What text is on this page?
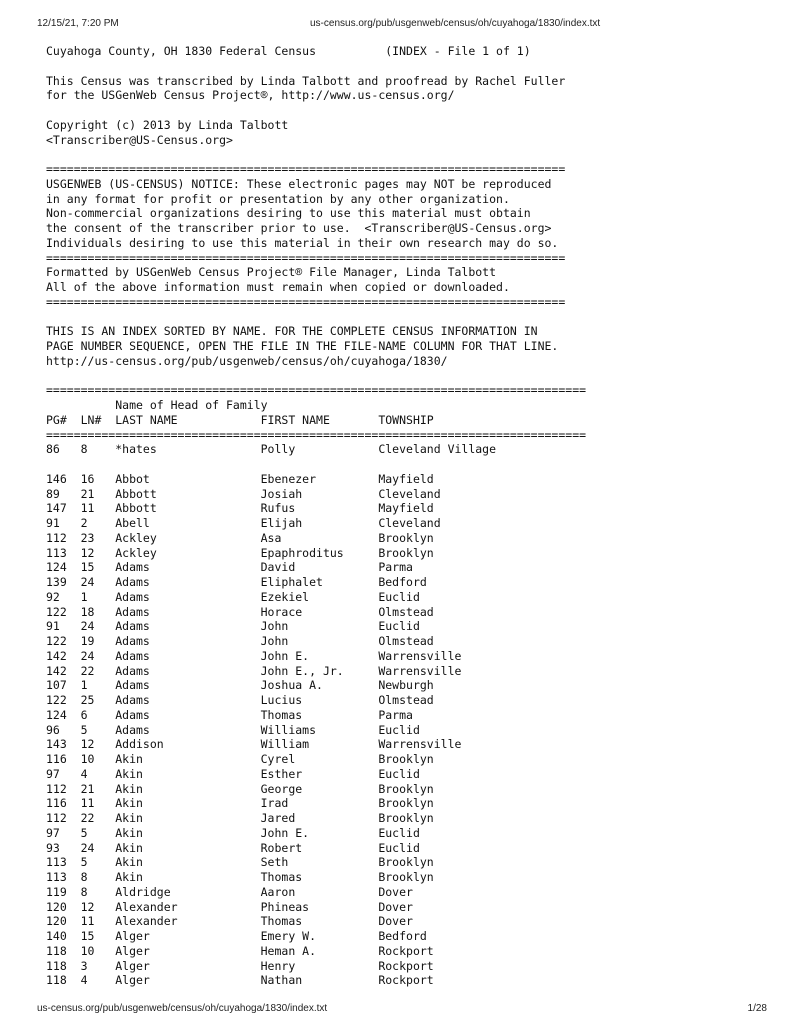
12/15/21, 7:20 PM	us-census.org/pub/usgenweb/census/oh/cuyahoga/1830/index.txt
Cuyahoga County, OH 1830 Federal Census          (INDEX - File 1 of 1)
This Census was transcribed by Linda Talbott and proofread by Rachel Fuller
for the USGenWeb Census Project®, http://www.us-census.org/
Copyright (c) 2013 by Linda Talbott
<Transcriber@US-Census.org>
===========================================================================
USGENWEB (US-CENSUS) NOTICE: These electronic pages may NOT be reproduced
in any format for profit or presentation by any other organization.
Non-commercial organizations desiring to use this material must obtain
the consent of the transcriber prior to use.  <Transcriber@US-Census.org>
Individuals desiring to use this material in their own research may do so.
===========================================================================
Formatted by USGenWeb Census Project® File Manager, Linda Talbott
All of the above information must remain when copied or downloaded.
===========================================================================
THIS IS AN INDEX SORTED BY NAME. FOR THE COMPLETE CENSUS INFORMATION IN
PAGE NUMBER SEQUENCE, OPEN THE FILE IN THE FILE-NAME COLUMN FOR THAT LINE.
http://us-census.org/pub/usgenweb/census/oh/cuyahoga/1830/
==============================================================================
Name of Head of Family
PG#  LN#  LAST NAME            FIRST NAME       TOWNSHIP
==============================================================================
86   8    *hates               Polly            Cleveland Village
146  16   Abbot                Ebenezer         Mayfield
89   21   Abbott               Josiah           Cleveland
147  11   Abbott               Rufus            Mayfield
91   2    Abell                Elijah           Cleveland
112  23   Ackley               Asa              Brooklyn
113  12   Ackley               Epaphroditus     Brooklyn
124  15   Adams                David            Parma
139  24   Adams                Eliphalet        Bedford
92   1    Adams                Ezekiel          Euclid
122  18   Adams                Horace           Olmstead
91   24   Adams                John             Euclid
122  19   Adams                John             Olmstead
142  24   Adams                John E.          Warrensville
142  22   Adams                John E., Jr.     Warrensville
107  1    Adams                Joshua A.        Newburgh
122  25   Adams                Lucius           Olmstead
124  6    Adams                Thomas           Parma
96   5    Adams                Williams         Euclid
143  12   Addison              William          Warrensville
116  10   Akin                 Cyrel            Brooklyn
97   4    Akin                 Esther           Euclid
112  21   Akin                 George           Brooklyn
116  11   Akin                 Irad             Brooklyn
112  22   Akin                 Jared            Brooklyn
97   5    Akin                 John E.          Euclid
93   24   Akin                 Robert           Euclid
113  5    Akin                 Seth             Brooklyn
113  8    Akin                 Thomas           Brooklyn
119  8    Aldridge             Aaron            Dover
120  12   Alexander            Phineas          Dover
120  11   Alexander            Thomas           Dover
140  15   Alger                Emery W.         Bedford
118  10   Alger                Heman A.         Rockport
118  3    Alger                Henry            Rockport
118  4    Alger                Nathan           Rockport
us-census.org/pub/usgenweb/census/oh/cuyahoga/1830/index.txt	1/28
